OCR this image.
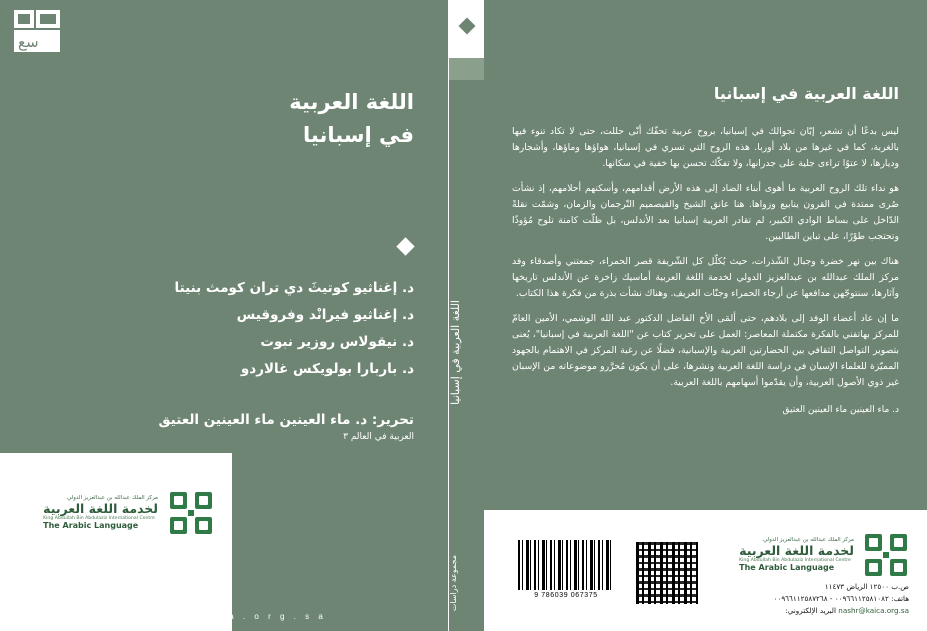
سع
اللغة العربية
في إسبانيا
د. إغناثيو كوتيثَ دي تران كومث بنيتا
د. إغناثيو فيرانْد وفروقيس
د. نيقولاس روزير نبوت
د. باربارا بولويكس غالاردو
تحرير: د. ماء العينين ماء العينين العتيق
العربية في العالم ٣
مركز الملك عبدالله بن عبدالعزيز الدولي
لخدمة اللغة العربية
King Abdullah Bin Abdulaziz International Centre
The Arabic Language
w w w . k a i c a . o r g . s a
مجموعة دراسات
اللغة العربية في إسبانيا
اللغة العربية في إسبانيا

ليس بدعًا أن تشعر، إبّان تجوالك في إسبانيا، بروح عربية تحفّك أنّى حللت، حتى لا تكاد تنوء فيها بالغربة، كما في غيرها من بلاد أوربا. هذه الروح التي تسري في إسبانيا، هواؤها وماؤها، وأشجارها وديارها، لا عتوًا تراءى جلية على جدرانها، ولا تفكّك تحسن بها خفية في سكانها.

هو نداء تلك الروح العربية ما أهوى أبناء الضاد إلى هذه الأرض أقدامهم، وأسكنهم أحلامهم، إذ نشأت صُرى ممتدة في القرون ينابيع وزواها. هنا عانق الشيخ والقيصميم التّرجمان والزمان، وشمّت نقلةً الدّاخل على بساط الوادي الكبير، لم تقادر العربية إسبانيا بعد الأندلس، بل ظلّت كامنة تلوح مُؤوذًا وتحتجب طوْرًا، على تباين الطالبين.

هناك بين نهر خضرة وجبال الشّذرات، حيث يُكلّل كل الشّريفة قصر الحمراء، جمعتني وأصدقاء وفد مركز الملك عبدالله بن عبدالعزيز الدولي لخدمة اللغة العربية أماسيك زاخرة عن الأندلس تاريخها وآثارها، سنتوجّهن مدافعها عن أرجاء الحمراء وجنّات العريف. وهناك نشأت بذرة من فكرة هذا الكتاب.

ما إن عاد أعضاء الوفد إلى بلادهم، حتى ألمَى الأخ الفاضل الدكتور عبد الله الوشمي، الأمين العامّ للمركز بهاتفني بالفكرة مكتملة المعاصر: العمل على تحرير كتاب عن "اللغة العربية في إسبانيا"، يُعنى بتصوير التواصل الثقافي بين الحضارتين العربية والإسبانية، فضلًا عن رغبة المركز في الاهتمام بالجهود المميّزة للعلماء الإسبان في دراسة اللغة العربية ونشرها، على أن يكون مُحرَّرو موضوعاته من الإسبان غير ذوي الأصول العربية، وأن يقدّموا أسهامهم باللغة العربية.

د. ماء العينين ماء العينين العتيق

9 786039 067375
مركز الملك عبدالله بن عبدالعزيز الدولي
لخدمة اللغة العربية
King Abdullah Bin Abdulaziz International Centre
The Arabic Language
ص.ب ١٢٥٠٠ الرياض ١١٤٧٣
هاتف: ٠٠٩٦٦١١٢٥٨١٠٨٢ - ٠٠٩٦٦١١٢٥٨٧٢٦٨
nashr@kaica.org.sa البريد الإلكتروني:
